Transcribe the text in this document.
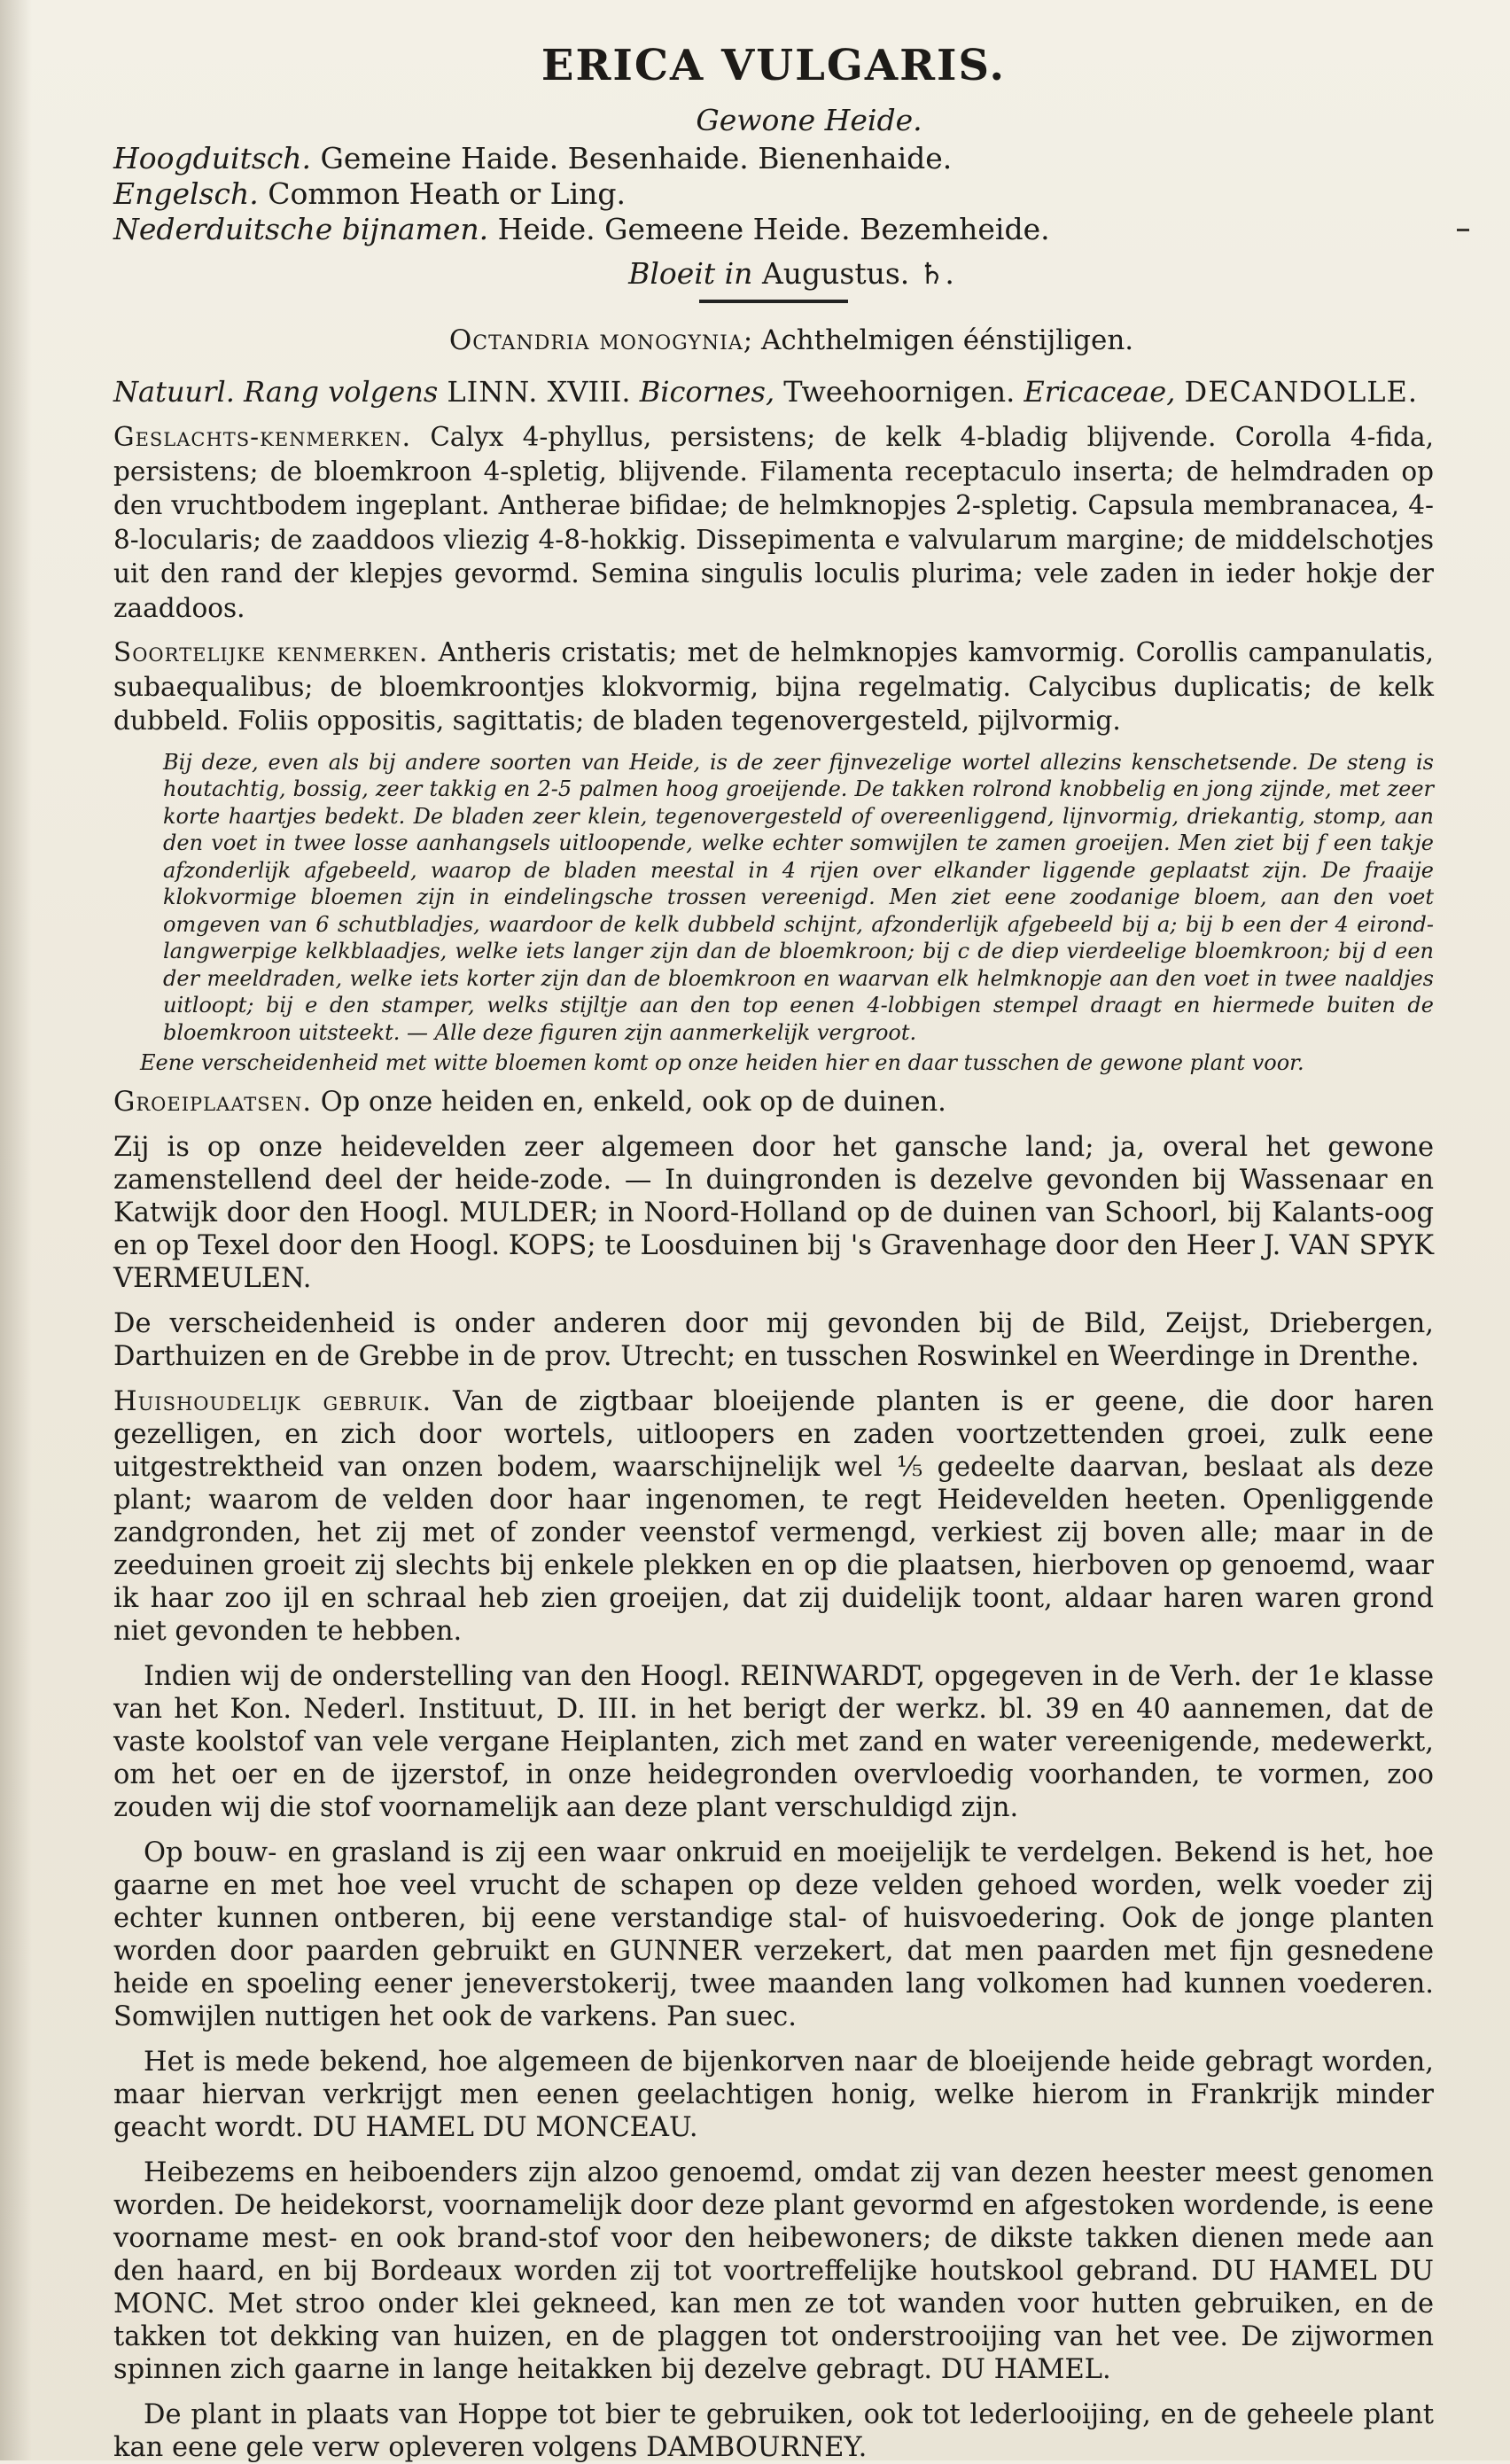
ERICA VULGARIS.
Gewone Heide.

Hoogduitsch. Gemeine Haide. Besenhaide. Bienenhaide.

Engelsch. Common Heath or Ling.

Nederduitsche bijnamen. Heide. Gemeene Heide. Bezemheide.

Bloeit in Augustus. ♄.
Octandria monogynia; Achthelmigen éénstijligen.

Natuurl. Rang volgens LINN. XVIII. Bicornes, Tweehoornigen. Ericaceae, DECANDOLLE.

Geslachts-kenmerken. Calyx 4-phyllus, persistens; de kelk 4-bladig blijvende. Corolla 4-fida, persistens; de bloemkroon 4-spletig, blijvende. Filamenta receptaculo inserta; de helmdraden op den vruchtbodem ingeplant. Antherae bifidae; de helmknopjes 2-spletig. Capsula membranacea, 4-8-locularis; de zaaddoos vliezig 4-8-hokkig. Dissepimenta e valvularum margine; de middelschotjes uit den rand der klepjes gevormd. Semina singulis loculis plurima; vele zaden in ieder hokje der zaaddoos.

Soortelijke kenmerken. Antheris cristatis; met de helmknopjes kamvormig. Corollis campanulatis, subaequalibus; de bloemkroontjes klokvormig, bijna regelmatig. Calycibus duplicatis; de kelk dubbeld. Foliis oppositis, sagittatis; de bladen tegenovergesteld, pijlvormig.

Bij deze, even als bij andere soorten van Heide, is de zeer fijnvezelige wortel allezins kenschetsende. De steng is houtachtig, bossig, zeer takkig en 2-5 palmen hoog groeijende. De takken rolrond knobbelig en jong zijnde, met zeer korte haartjes bedekt. De bladen zeer klein, tegenovergesteld of overeenliggend, lijnvormig, driekantig, stomp, aan den voet in twee losse aanhangsels uitloopende, welke echter somwijlen te zamen groeijen. Men ziet bij f een takje afzonderlijk afgebeeld, waarop de bladen meestal in 4 rijen over elkander liggende geplaatst zijn. De fraaije klokvormige bloemen zijn in eindelingsche trossen vereenigd. Men ziet eene zoodanige bloem, aan den voet omgeven van 6 schutbladjes, waardoor de kelk dubbeld schijnt, afzonderlijk afgebeeld bij a; bij b een der 4 eirond-langwerpige kelkblaadjes, welke iets langer zijn dan de bloemkroon; bij c de diep vierdeelige bloemkroon; bij d een der meeldraden, welke iets korter zijn dan de bloemkroon en waarvan elk helmknopje aan den voet in twee naaldjes uitloopt; bij e den stamper, welks stijltje aan den top eenen 4-lobbigen stempel draagt en hiermede buiten de bloemkroon uitsteekt. — Alle deze figuren zijn aanmerkelijk vergroot.

Eene verscheidenheid met witte bloemen komt op onze heiden hier en daar tusschen de gewone plant voor.

Groeiplaatsen. Op onze heiden en, enkeld, ook op de duinen.

Zij is op onze heidevelden zeer algemeen door het gansche land; ja, overal het gewone zamenstellend deel der heide-zode. — In duingronden is dezelve gevonden bij Wassenaar en Katwijk door den Hoogl. MULDER; in Noord-Holland op de duinen van Schoorl, bij Kalants-oog en op Texel door den Hoogl. KOPS; te Loosduinen bij 's Gravenhage door den Heer J. VAN SPYK VERMEULEN.

De verscheidenheid is onder anderen door mij gevonden bij de Bild, Zeijst, Driebergen, Darthuizen en de Grebbe in de prov. Utrecht; en tusschen Roswinkel en Weerdinge in Drenthe.

Huishoudelijk gebruik. Van de zigtbaar bloeijende planten is er geene, die door haren gezelligen, en zich door wortels, uitloopers en zaden voortzettenden groei, zulk eene uitgestrektheid van onzen bodem, waarschijnelijk wel ⅕ gedeelte daarvan, beslaat als deze plant; waarom de velden door haar ingenomen, te regt Heidevelden heeten. Openliggende zandgronden, het zij met of zonder veenstof vermengd, verkiest zij boven alle; maar in de zeeduinen groeit zij slechts bij enkele plekken en op die plaatsen, hierboven op genoemd, waar ik haar zoo ijl en schraal heb zien groeijen, dat zij duidelijk toont, aldaar haren waren grond niet gevonden te hebben.

Indien wij de onderstelling van den Hoogl. REINWARDT, opgegeven in de Verh. der 1e klasse van het Kon. Nederl. Instituut, D. III. in het berigt der werkz. bl. 39 en 40 aannemen, dat de vaste koolstof van vele vergane Heiplanten, zich met zand en water vereenigende, medewerkt, om het oer en de ijzerstof, in onze heidegronden overvloedig voorhanden, te vormen, zoo zouden wij die stof voornamelijk aan deze plant verschuldigd zijn.

Op bouw- en grasland is zij een waar onkruid en moeijelijk te verdelgen. Bekend is het, hoe gaarne en met hoe veel vrucht de schapen op deze velden gehoed worden, welk voeder zij echter kunnen ontberen, bij eene verstandige stal- of huisvoedering. Ook de jonge planten worden door paarden gebruikt en GUNNER verzekert, dat men paarden met fijn gesnedene heide en spoeling eener jeneverstokerij, twee maanden lang volkomen had kunnen voederen. Somwijlen nuttigen het ook de varkens. Pan suec.

Het is mede bekend, hoe algemeen de bijenkorven naar de bloeijende heide gebragt worden, maar hiervan verkrijgt men eenen geelachtigen honig, welke hierom in Frankrijk minder geacht wordt. DU HAMEL DU MONCEAU.

Heibezems en heiboenders zijn alzoo genoemd, omdat zij van dezen heester meest genomen worden. De heidekorst, voornamelijk door deze plant gevormd en afgestoken wordende, is eene voorname mest- en ook brand-stof voor den heibewoners; de dikste takken dienen mede aan den haard, en bij Bordeaux worden zij tot voortreffelijke houtskool gebrand. DU HAMEL DU MONC. Met stroo onder klei gekneed, kan men ze tot wanden voor hutten gebruiken, en de takken tot dekking van huizen, en de plaggen tot onderstrooijing van het vee. De zijwormen spinnen zich gaarne in lange heitakken bij dezelve gebragt. DU HAMEL.

De plant in plaats van Hoppe tot bier te gebruiken, ook tot lederlooijing, en de geheele plant kan eene gele verw opleveren volgens DAMBOURNEY.
